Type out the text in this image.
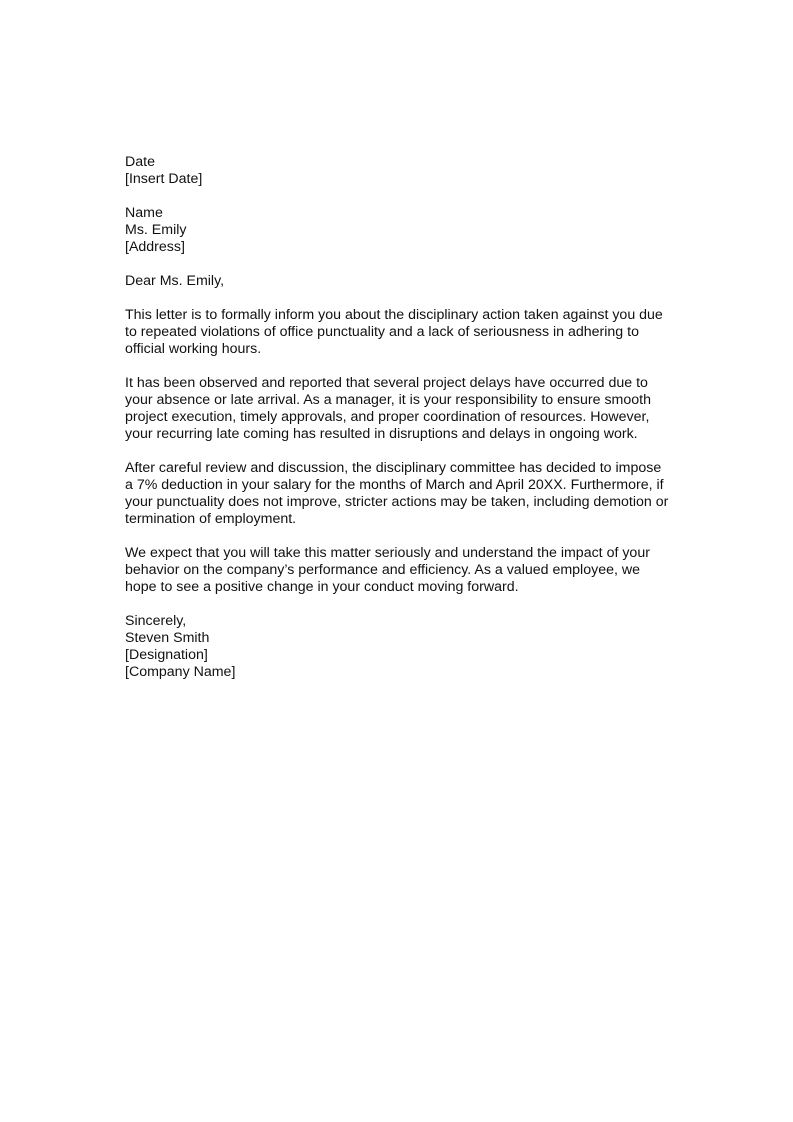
Date
[Insert Date]
Name
Ms. Emily
[Address]
Dear Ms. Emily,
This letter is to formally inform you about the disciplinary action taken against you due
to repeated violations of office punctuality and a lack of seriousness in adhering to
official working hours.
It has been observed and reported that several project delays have occurred due to
your absence or late arrival. As a manager, it is your responsibility to ensure smooth
project execution, timely approvals, and proper coordination of resources. However,
your recurring late coming has resulted in disruptions and delays in ongoing work.
After careful review and discussion, the disciplinary committee has decided to impose
a 7% deduction in your salary for the months of March and April 20XX. Furthermore, if
your punctuality does not improve, stricter actions may be taken, including demotion or
termination of employment.
We expect that you will take this matter seriously and understand the impact of your
behavior on the company’s performance and efficiency. As a valued employee, we
hope to see a positive change in your conduct moving forward.
Sincerely,
Steven Smith
[Designation]
[Company Name]
